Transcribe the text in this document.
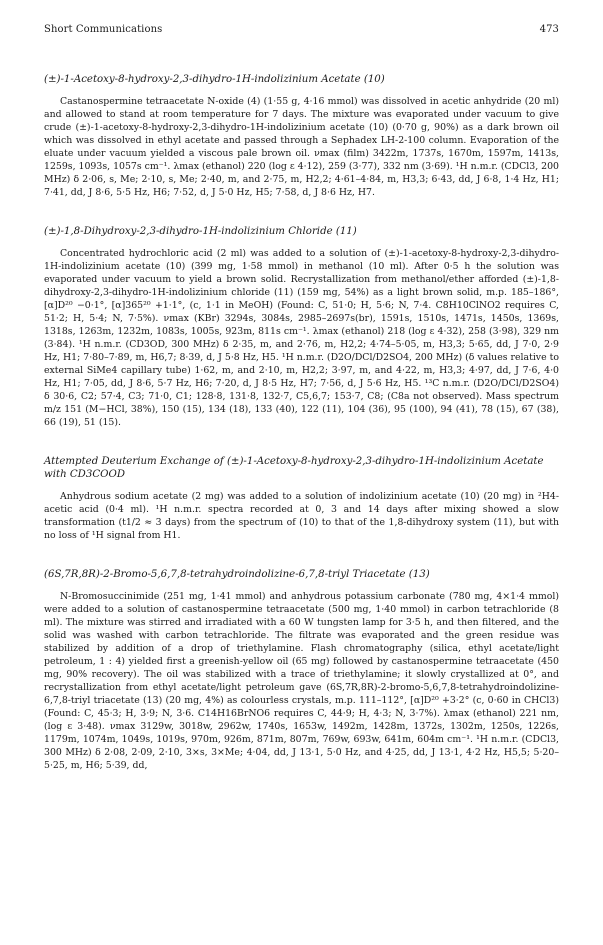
Short Communications	473
(±)-1-Acetoxy-8-hydroxy-2,3-dihydro-1H-indolizinium Acetate (10)

Castanospermine tetraacetate N-oxide (4) (1·55 g, 4·16 mmol) was dissolved in acetic anhydride (20 ml) and allowed to stand at room temperature for 7 days. The mixture was evaporated under vacuum to give crude (±)-1-acetoxy-8-hydroxy-2,3-dihydro-1H-indolizinium acetate (10) (0·70 g, 90%) as a dark brown oil which was dissolved in ethyl acetate and passed through a Sephadex LH-2-100 column. Evaporation of the eluate under vacuum yielded a viscous pale brown oil. νmax (film) 3422m, 1737s, 1670m, 1597m, 1413s, 1259s, 1093s, 1057s cm⁻¹. λmax (ethanol) 220 (log ε 4·12), 259 (3·77), 332 nm (3·69). ¹H n.m.r. (CDCl3, 200 MHz) δ 2·06, s, Me; 2·10, s, Me; 2·40, m, and 2·75, m, H2,2; 4·61–4·84, m, H3,3; 6·43, dd, J 6·8, 1·4 Hz, H1; 7·41, dd, J 8·6, 5·5 Hz, H6; 7·52, d, J 5·0 Hz, H5; 7·58, d, J 8·6 Hz, H7.

(±)-1,8-Dihydroxy-2,3-dihydro-1H-indolizinium Chloride (11)

Concentrated hydrochloric acid (2 ml) was added to a solution of (±)-1-acetoxy-8-hydroxy-2,3-dihydro-1H-indolizinium acetate (10) (399 mg, 1·58 mmol) in methanol (10 ml). After 0·5 h the solution was evaporated under vacuum to yield a brown solid. Recrystallization from methanol/ether afforded (±)-1,8-dihydroxy-2,3-dihydro-1H-indolizinium chloride (11) (159 mg, 54%) as a light brown solid, m.p. 185–186°, [α]D²⁰ −0·1°, [α]365²⁰ +1·1°, (c, 1·1 in MeOH) (Found: C, 51·0; H, 5·6; N, 7·4. C8H10ClNO2 requires C, 51·2; H, 5·4; N, 7·5%). νmax (KBr) 3294s, 3084s, 2985–2697s(br), 1591s, 1510s, 1471s, 1450s, 1369s, 1318s, 1263m, 1232m, 1083s, 1005s, 923m, 811s cm⁻¹. λmax (ethanol) 218 (log ε 4·32), 258 (3·98), 329 nm (3·84). ¹H n.m.r. (CD3OD, 300 MHz) δ 2·35, m, and 2·76, m, H2,2; 4·74–5·05, m, H3,3; 5·65, dd, J 7·0, 2·9 Hz, H1; 7·80–7·89, m, H6,7; 8·39, d, J 5·8 Hz, H5. ¹H n.m.r. (D2O/DCl/D2SO4, 200 MHz) (δ values relative to external SiMe4 capillary tube) 1·62, m, and 2·10, m, H2,2; 3·97, m, and 4·22, m, H3,3; 4·97, dd, J 7·6, 4·0 Hz, H1; 7·05, dd, J 8·6, 5·7 Hz, H6; 7·20, d, J 8·5 Hz, H7; 7·56, d, J 5·6 Hz, H5. ¹³C n.m.r. (D2O/DCl/D2SO4) δ 30·6, C2; 57·4, C3; 71·0, C1; 128·8, 131·8, 132·7, C5,6,7; 153·7, C8; (C8a not observed). Mass spectrum m/z 151 (M−HCl, 38%), 150 (15), 134 (18), 133 (40), 122 (11), 104 (36), 95 (100), 94 (41), 78 (15), 67 (38), 66 (19), 51 (15).

Attempted Deuterium Exchange of (±)-1-Acetoxy-8-hydroxy-2,3-dihydro-1H-indolizinium Acetate with CD3COOD

Anhydrous sodium acetate (2 mg) was added to a solution of indolizinium acetate (10) (20 mg) in ²H4-acetic acid (0·4 ml). ¹H n.m.r. spectra recorded at 0, 3 and 14 days after mixing showed a slow transformation (t1/2 ≈ 3 days) from the spectrum of (10) to that of the 1,8-dihydroxy system (11), but with no loss of ¹H signal from H1.

(6S,7R,8R)-2-Bromo-5,6,7,8-tetrahydroindolizine-6,7,8-triyl Triacetate (13)

N-Bromosuccinimide (251 mg, 1·41 mmol) and anhydrous potassium carbonate (780 mg, 4×1·4 mmol) were added to a solution of castanospermine tetraacetate (500 mg, 1·40 mmol) in carbon tetrachloride (8 ml). The mixture was stirred and irradiated with a 60 W tungsten lamp for 3·5 h, and then filtered, and the solid was washed with carbon tetrachloride. The filtrate was evaporated and the green residue was stabilized by addition of a drop of triethylamine. Flash chromatography (silica, ethyl acetate/light petroleum, 1 : 4) yielded first a greenish-yellow oil (65 mg) followed by castanospermine tetraacetate (450 mg, 90% recovery). The oil was stabilized with a trace of triethylamine; it slowly crystallized at 0°, and recrystallization from ethyl acetate/light petroleum gave (6S,7R,8R)-2-bromo-5,6,7,8-tetrahydroindolizine-6,7,8-triyl triacetate (13) (20 mg, 4%) as colourless crystals, m.p. 111–112°, [α]D²⁰ +3·2° (c, 0·60 in CHCl3) (Found: C, 45·3; H, 3·9; N, 3·6. C14H16BrNO6 requires C, 44·9; H, 4·3; N, 3·7%). λmax (ethanol) 221 nm, (log ε 3·48). νmax 3129w, 3018w, 2962w, 1740s, 1653w, 1492m, 1428m, 1372s, 1302m, 1250s, 1226s, 1179m, 1074m, 1049s, 1019s, 970m, 926m, 871m, 807m, 769w, 693w, 641m, 604m cm⁻¹. ¹H n.m.r. (CDCl3, 300 MHz) δ 2·08, 2·09, 2·10, 3×s, 3×Me; 4·04, dd, J 13·1, 5·0 Hz, and 4·25, dd, J 13·1, 4·2 Hz, H5,5; 5·20–5·25, m, H6; 5·39, dd,
